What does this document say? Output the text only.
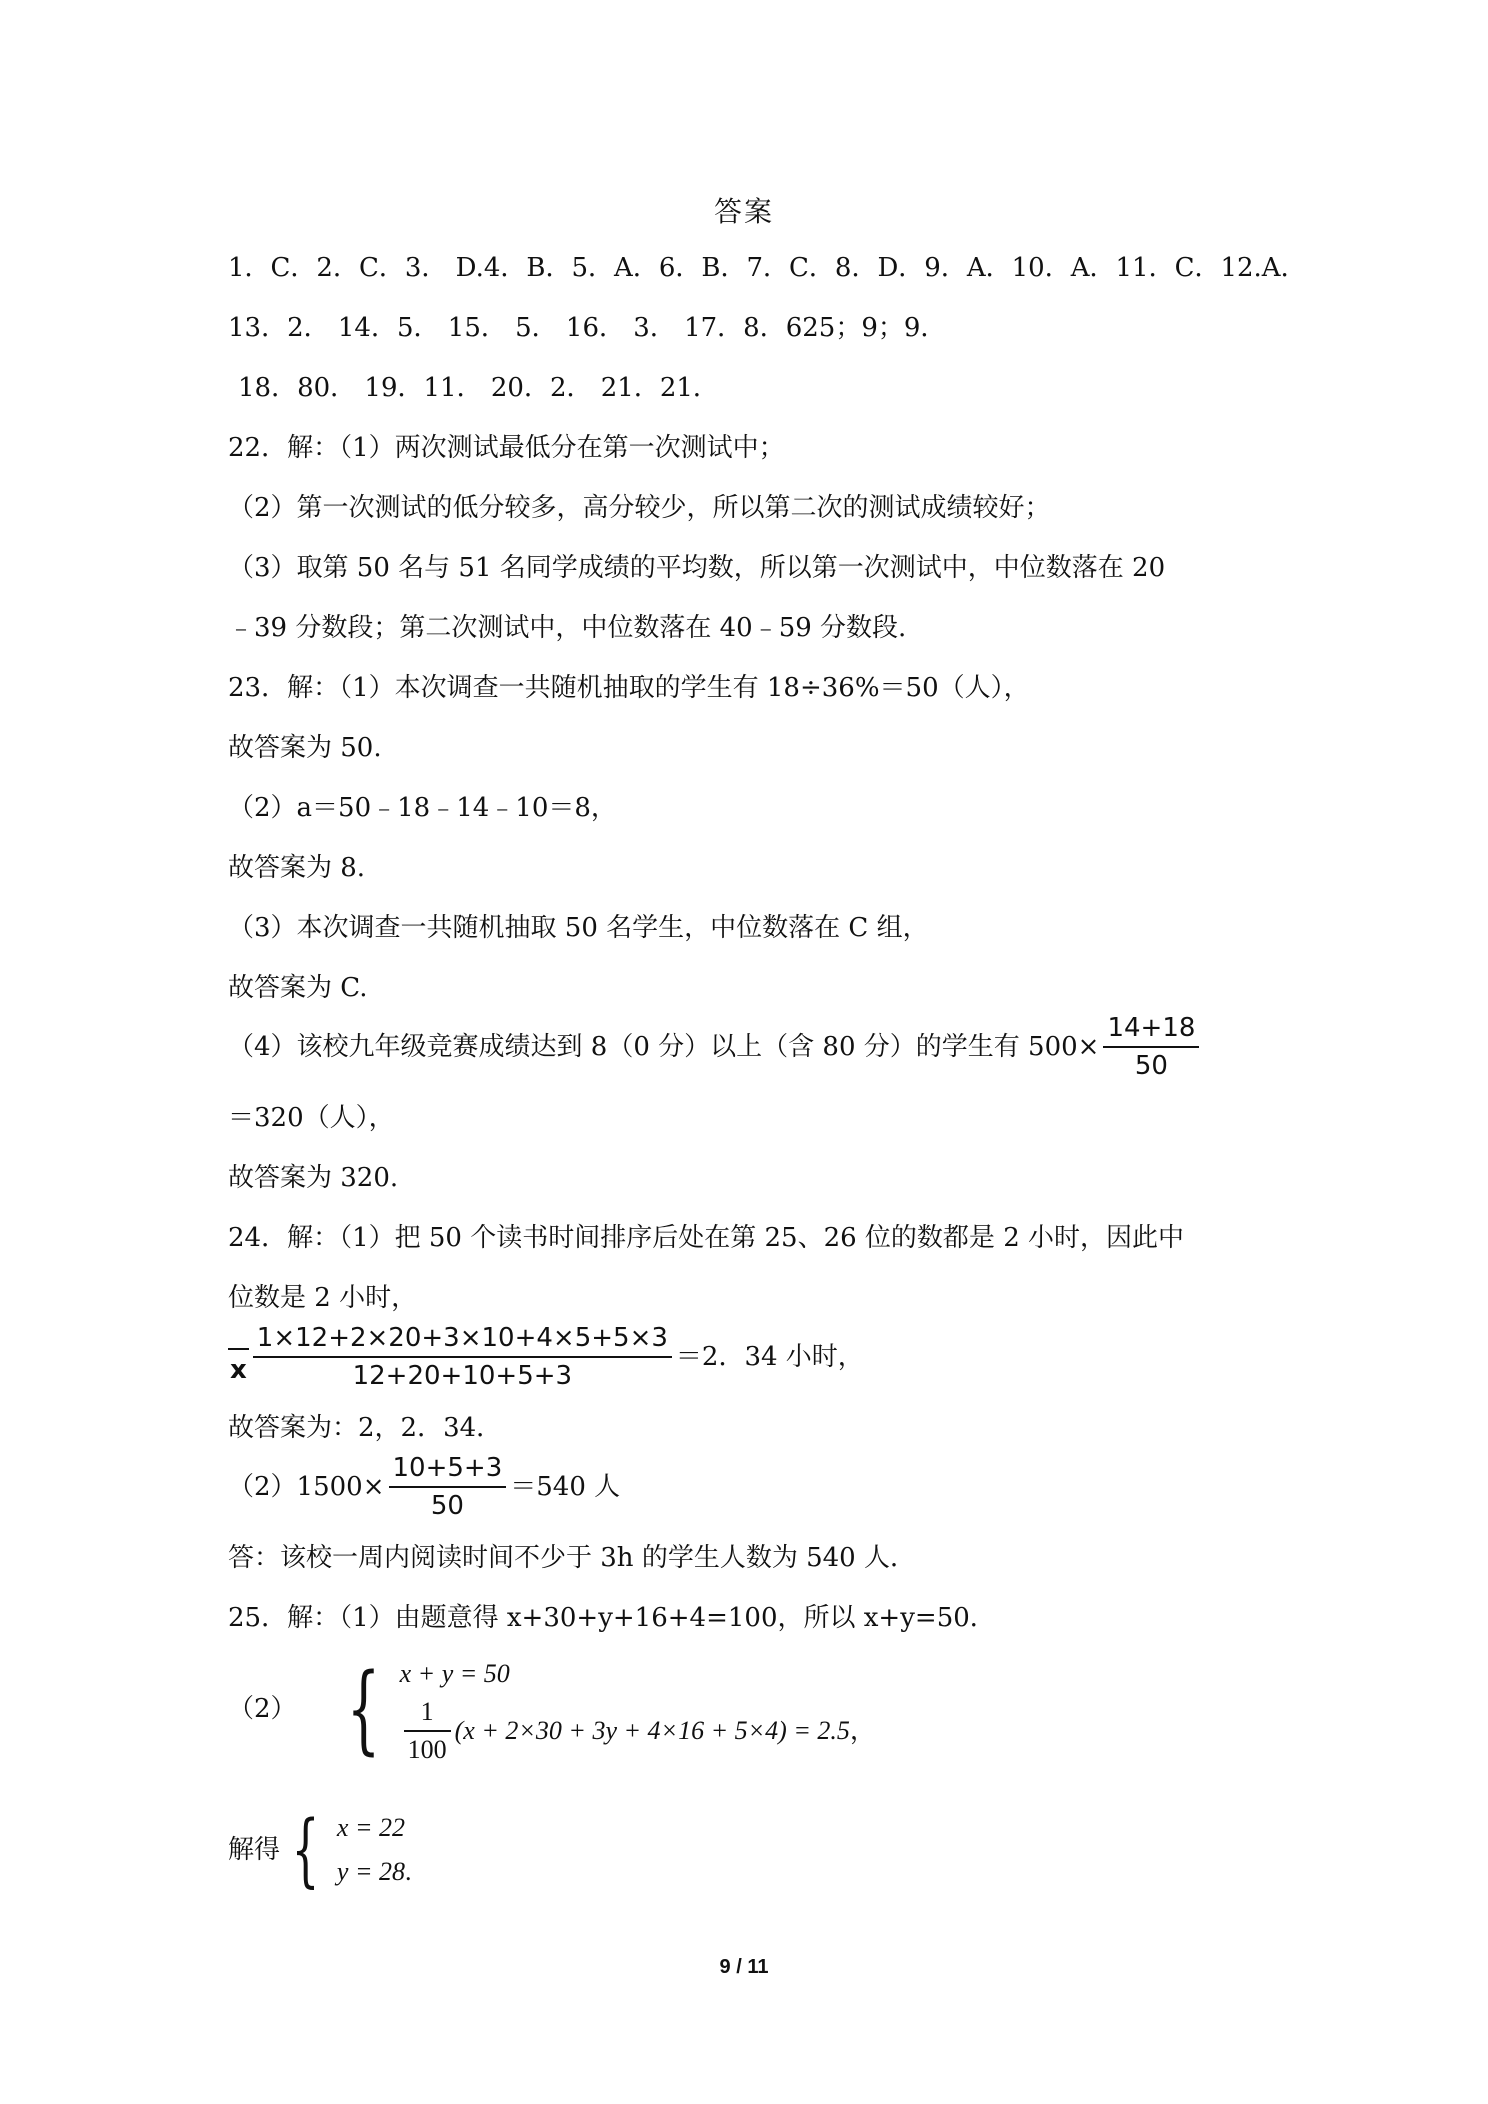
答案
1．C．2．C．3． D.4．B．5．A．6．B．7．C．8．D．9．A．10．A．11．C．12.A．
13．2． 14．5． 15． 5． 16． 3． 17．8．625；9；9．
18．80． 19．11． 20．2． 21．21．
22．解：（1）两次测试最低分在第一次测试中；
（2）第一次测试的低分较多，高分较少，所以第二次的测试成绩较好；
（3）取第 50 名与 51 名同学成绩的平均数，所以第一次测试中，中位数落在 20
﹣39 分数段；第二次测试中，中位数落在 40﹣59 分数段.
23．解：（1）本次调查一共随机抽取的学生有 18÷36%＝50（人），
故答案为 50.
（2）a＝50﹣18﹣14﹣10＝8，
故答案为 8.
（3）本次调查一共随机抽取 50 名学生，中位数落在 C 组，
故答案为 C.
（4）该校九年级竞赛成绩达到 8（0 分）以上（含 80 分）的学生有 $500\times \frac{14+18}{50}$
＝320（人），
故答案为 320.
24．解：（1）把 50 个读书时间排序后处在第 25、26 位的数都是 2 小时，因此中
位数是 2 小时，
x $\frac{1\times 12+2\times 20+3\times 10+4\times 5+5\times 3}{12+20+10+5+3} =2$．34 小时，
故答案为：2，2．34．
$(2)1500\times \frac{10+5+3}{50} =540$ 人
答：该校一周内阅读时间不少于 3h 的学生人数为 540 人．
25．解：（1）由题意得 x+30+y+16+4=100，所以 x+y=50．
（2） { x + y = 50
$\frac{1}{100} (x + 2\times 30 + 3y + 4\times 16 + 5\times 4) = 2.5$ ，
解得 { x = 22
y = 28 .
9 / 11
